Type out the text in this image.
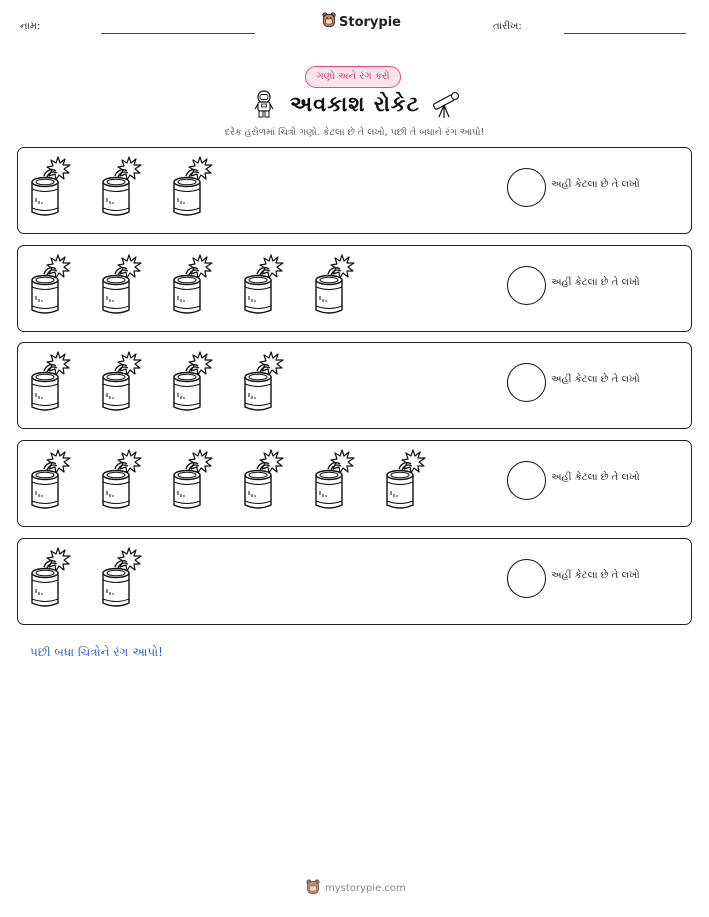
નામ:	Storypie	તારીખ:
ગણો અને રંગ કરો
અવકાશ રોકેટ
દરેક હરોળમાં ચિત્રો ગણો. કેટલા છે તે લખો, પછી તે બધાને રંગ આપો!
અહીં કેટલા છે તે લખો
અહીં કેટલા છે તે લખો
અહીં કેટલા છે તે લખો
અહીં કેટલા છે તે લખો
અહીં કેટલા છે તે લખો
પછી બધા ચિત્રોને રંગ આપો!
mystorypie.com
